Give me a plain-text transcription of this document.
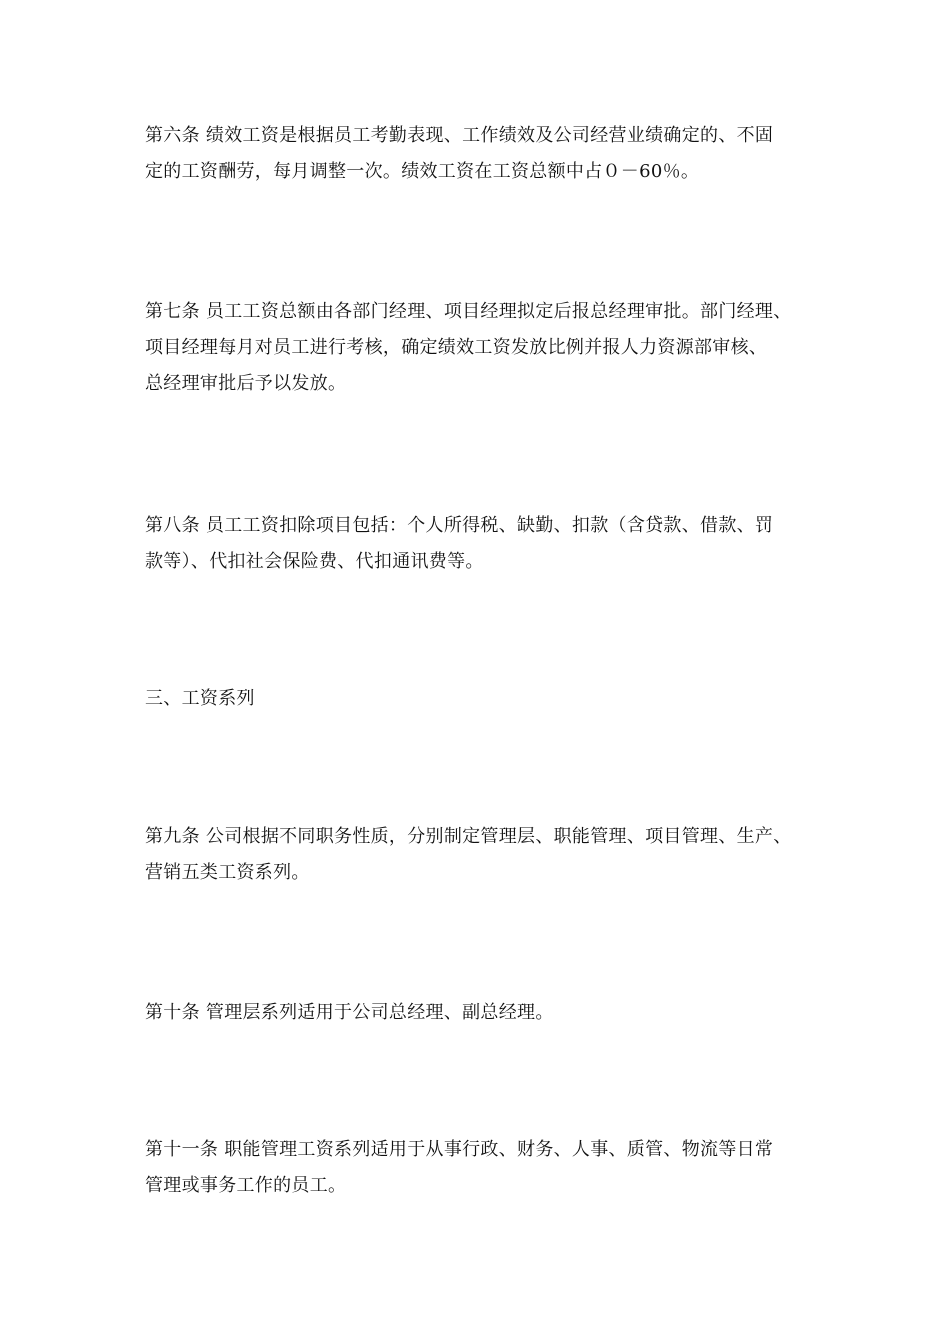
第六条 绩效工资是根据员工考勤表现、工作绩效及公司经营业绩确定的、不固
定的工资酬劳，每月调整一次。绩效工资在工资总额中占０－60％。
第七条 员工工资总额由各部门经理、项目经理拟定后报总经理审批。部门经理、
项目经理每月对员工进行考核，确定绩效工资发放比例并报人力资源部审核、
总经理审批后予以发放。
第八条 员工工资扣除项目包括：个人所得税、缺勤、扣款（含贷款、借款、罚
款等）、代扣社会保险费、代扣通讯费等。
三、工资系列
第九条 公司根据不同职务性质，分别制定管理层、职能管理、项目管理、生产、
营销五类工资系列。
第十条 管理层系列适用于公司总经理、副总经理。
第十一条 职能管理工资系列适用于从事行政、财务、人事、质管、物流等日常
管理或事务工作的员工。
